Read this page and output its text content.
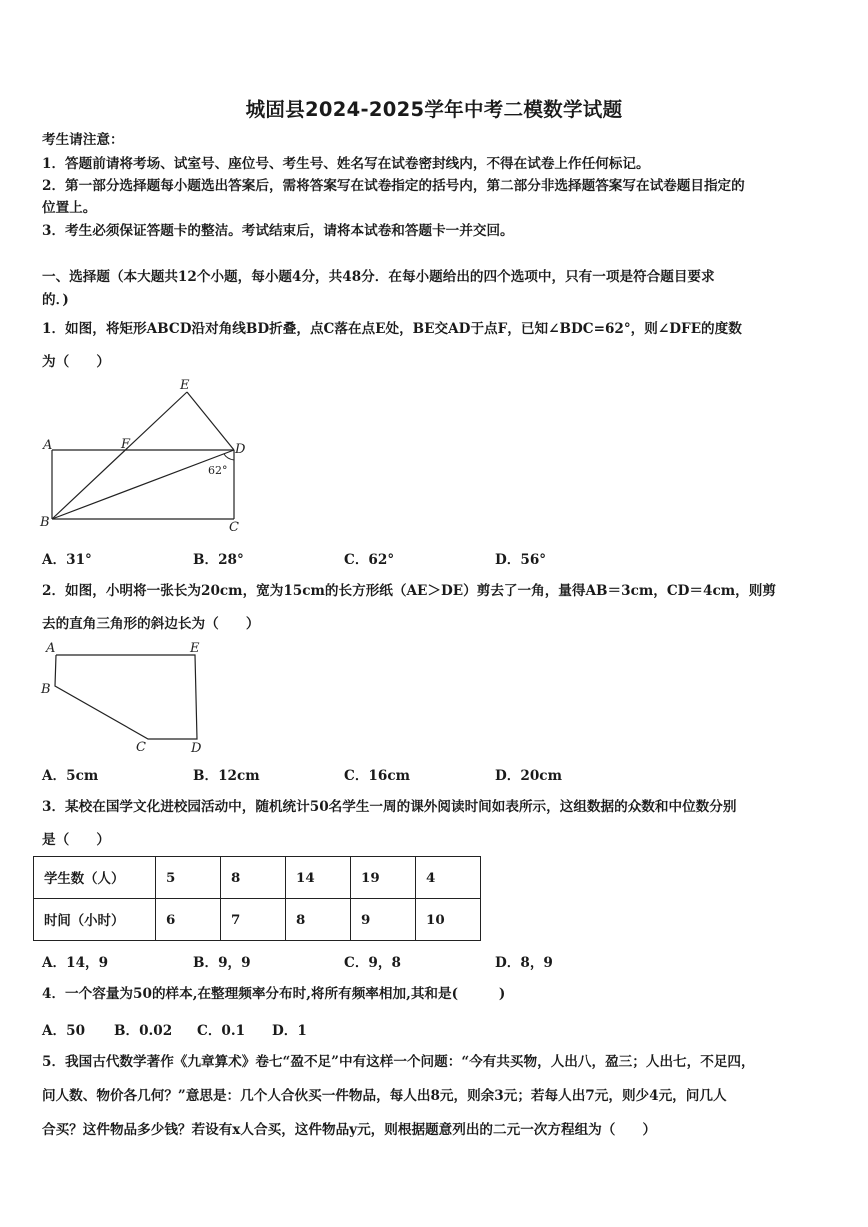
城固县2024-2025学年中考二模数学试题
考生请注意：
1．答题前请将考场、试室号、座位号、考生号、姓名写在试卷密封线内，不得在试卷上作任何标记。
2．第一部分选择题每小题选出答案后，需将答案写在试卷指定的括号内，第二部分非选择题答案写在试卷题目指定的
位置上。
3．考生必须保证答题卡的整洁。考试结束后，请将本试卷和答题卡一并交回。
一、选择题（本大题共12个小题，每小题4分，共48分．在每小题给出的四个选项中，只有一项是符合题目要求
的．)
1．如图，将矩形ABCD沿对角线BD折叠，点C落在点E处，BE交AD于点F，已知∠BDC=62°，则∠DFE的度数
为（　　）
E
A	F	D
62°
B	C
A．31°	B．28°	C．62°	D．56°
2．如图，小明将一张长为20cm，宽为15cm的长方形纸（AE＞DE）剪去了一角，量得AB＝3cm，CD＝4cm，则剪
去的直角三角形的斜边长为（　　）
A	E
B
C	D
A．5cm	B．12cm	C．16cm	D．20cm
3．某校在国学文化进校园活动中，随机统计50名学生一周的课外阅读时间如表所示，这组数据的众数和中位数分别
是（　　）
学生数（人）	5	8	14	19	4
时间（小时）	6	7	8	9	10
A．14，9	B．9，9	C．9，8	D．8，9
4．一个容量为50的样本,在整理频率分布时,将所有频率相加,其和是(　　　)
A．50 B．0.02 C．0.1 D．1
5．我国古代数学著作《九章算术》卷七“盈不足”中有这样一个问题：“今有共买物，人出八，盈三；人出七，不足四，
问人数、物价各几何？”意思是：几个人合伙买一件物品，每人出8元，则余3元；若每人出7元，则少4元，问几人
合买？这件物品多少钱？若设有x人合买，这件物品y元，则根据题意列出的二元一次方程组为（　　）
